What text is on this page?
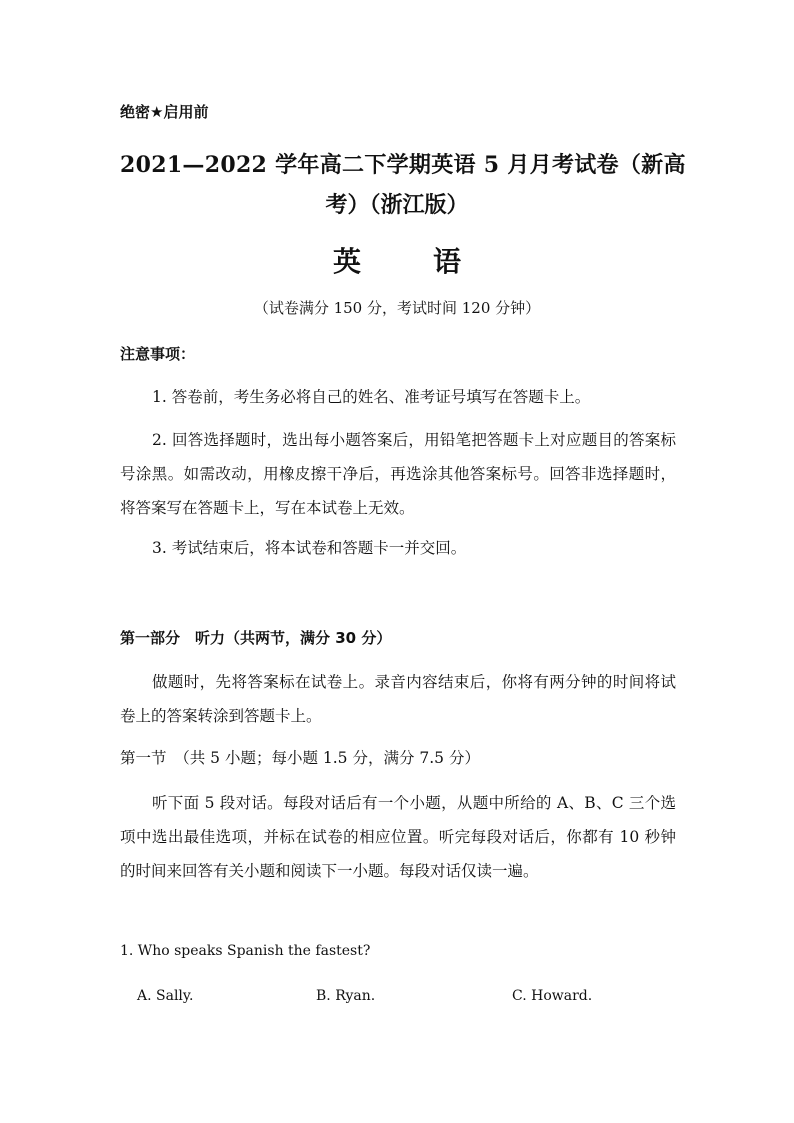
绝密★启用前
2021—2022 学年高二下学期英语 5 月月考试卷（新高
考）（浙江版）
英	语
（试卷满分 150 分，考试时间 120 分钟）
注意事项：
1. 答卷前，考生务必将自己的姓名、准考证号填写在答题卡上。
2. 回答选择题时，选出每小题答案后，用铅笔把答题卡上对应题目的答案标号涂黑。如需改动，用橡皮擦干净后，再选涂其他答案标号。回答非选择题时，将答案写在答题卡上，写在本试卷上无效。
3. 考试结束后，将本试卷和答题卡一并交回。
第一部分　听力（共两节，满分 30 分）
做题时，先将答案标在试卷上。录音内容结束后，你将有两分钟的时间将试卷上的答案转涂到答题卡上。
第一节　（共 5 小题；每小题 1.5 分，满分 7.5 分）
听下面 5 段对话。每段对话后有一个小题，从题中所给的 A、B、C 三个选项中选出最佳选项，并标在试卷的相应位置。听完每段对话后，你都有 10 秒钟的时间来回答有关小题和阅读下一小题。每段对话仅读一遍。
1. Who speaks Spanish the fastest?
A. Sally.	B. Ryan.	C. Howard.
